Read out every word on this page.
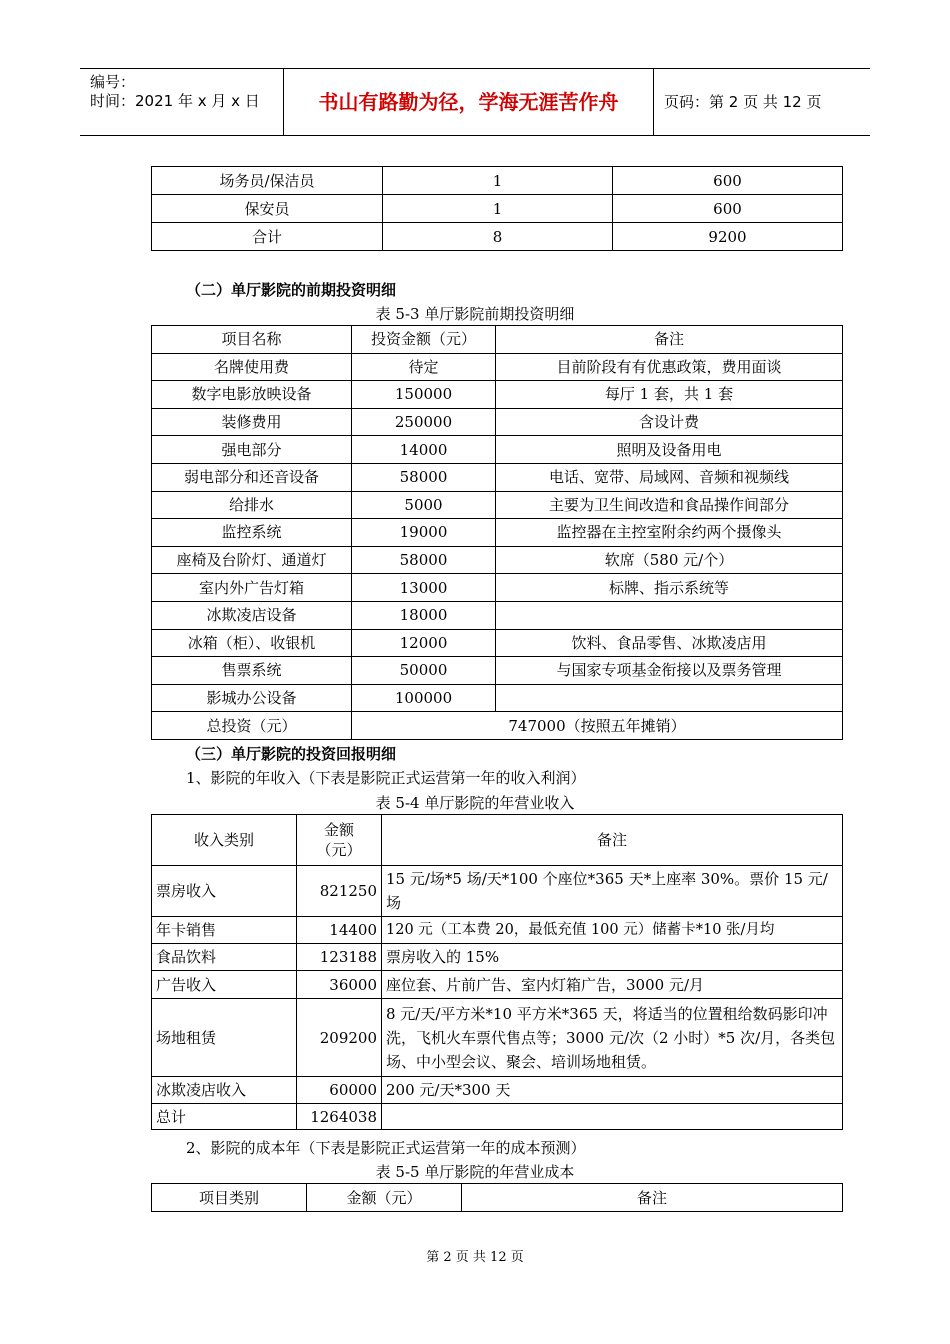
编号：
时间：2021 年 x 月 x 日	书山有路勤为径，学海无涯苦作舟	页码：第 2 页 共 12 页
场务员/保洁员	1	600
保安员	1	600
合计	8	9200
（二）单厅影院的前期投资明细
表 5-3 单厅影院前期投资明细
项目名称	投资金额（元）	备注
名牌使用费	待定	目前阶段有有优惠政策，费用面谈
数字电影放映设备	150000	每厅 1 套，共 1 套
装修费用	250000	含设计费
强电部分	14000	照明及设备用电
弱电部分和还音设备	58000	电话、宽带、局域网、音频和视频线
给排水	5000	主要为卫生间改造和食品操作间部分
监控系统	19000	监控器在主控室附余约两个摄像头
座椅及台阶灯、通道灯	58000	软席（580 元/个）
室内外广告灯箱	13000	标牌、指示系统等
冰欺凌店设备	18000	
冰箱（柜）、收银机	12000	饮料、食品零售、冰欺凌店用
售票系统	50000	与国家专项基金衔接以及票务管理
影城办公设备	100000	
总投资（元）	747000（按照五年摊销）	
（三）单厅影院的投资回报明细
1、影院的年收入（下表是影院正式运营第一年的收入利润）
表 5-4 单厅影院的年营业收入
收入类别	金额（元）	备注
票房收入	821250	15 元/场*5 场/天*100 个座位*365 天*上座率 30%。票价 15 元/场
年卡销售	14400	120 元（工本费 20，最低充值 100 元）储蓄卡*10 张/月均
食品饮料	123188	票房收入的 15%
广告收入	36000	座位套、片前广告、室内灯箱广告，3000 元/月
场地租赁	209200	8 元/天/平方米*10 平方米*365 天，将适当的位置租给数码影印冲洗，飞机火车票代售点等；3000 元/次（2 小时）*5 次/月，各类包场、中小型会议、聚会、培训场地租赁。
冰欺凌店收入	60000	200 元/天*300 天
总计	1264038	
2、影院的成本年（下表是影院正式运营第一年的成本预测）
表 5-5 单厅影院的年营业成本
项目类别	金额（元）	备注
第 2 页 共 12 页
